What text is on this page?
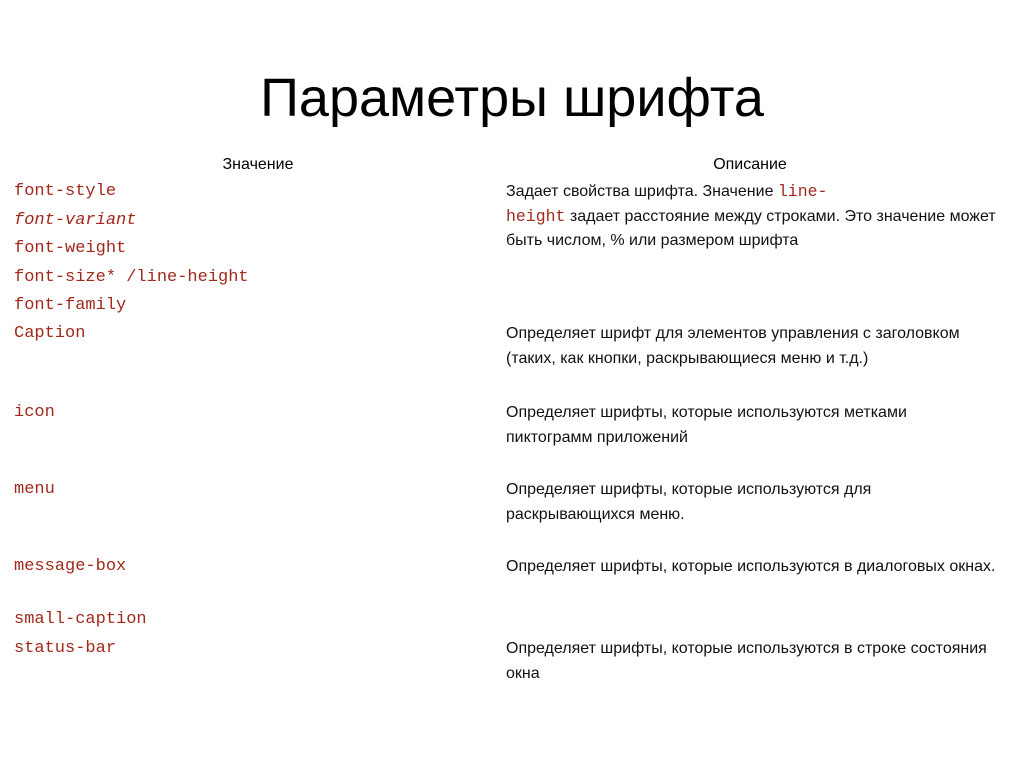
Параметры шрифта
Значение	Описание
font-style
font-variant
font-weight
font-size* /line-height
font-family
Caption
icon
menu
message-box
small-caption
status-bar
Задает свойства шрифта. Значение line-
height задает расстояние между строками. Это значение может быть числом, % или размером шрифта
Определяет шрифт для элементов управления с заголовком (таких, как кнопки, раскрывающиеся меню и т.д.)
Определяет шрифты, которые используются метками пиктограмм приложений
Определяет шрифты, которые используются для раскрывающихся меню.
Определяет шрифты, которые используются в диалоговых окнах.
Определяет шрифты, которые используются в строке состояния окна
